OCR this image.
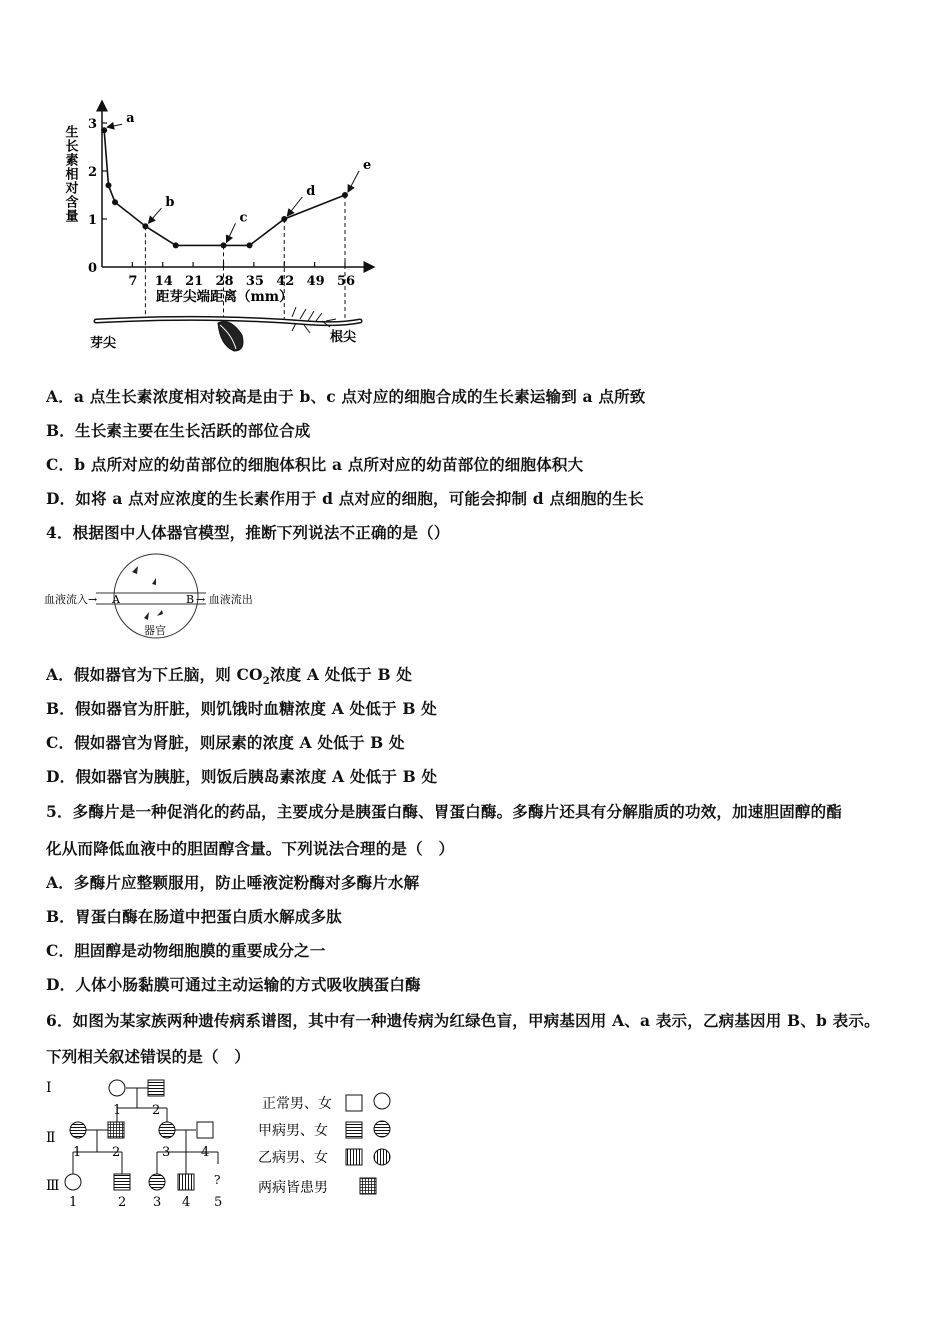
0
1
2
3
7 14 21 28 35 42 49 56
生长素相对含量
距芽尖端距离（mm）
a
b
c
d
e
芽尖	根尖
A．a 点生长素浓度相对较高是由于 b、c 点对应的细胞合成的生长素运输到 a 点所致
B．生长素主要在生长活跃的部位合成
C．b 点所对应的幼苗部位的细胞体积比 a 点所对应的幼苗部位的细胞体积大
D．如将 a 点对应浓度的生长素作用于 d 点对应的细胞，可能会抑制 d 点细胞的生长
4．根据图中人体器官模型，推断下列说法不正确的是（）
血液流入→ A	B → 血液流出
器官
A．假如器官为下丘脑，则 $CO_2$浓度 A 处低于 B 处
B．假如器官为肝脏，则饥饿时血糖浓度 A 处低于 B 处
C．假如器官为肾脏，则尿素的浓度 A 处低于 B 处
D．假如器官为胰脏，则饭后胰岛素浓度 A 处低于 B 处
5．多酶片是一种促消化的药品，主要成分是胰蛋白酶、胃蛋白酶。多酶片还具有分解脂质的功效，加速胆固醇的酯
化从而降低血液中的胆固醇含量。下列说法合理的是（　）
A．多酶片应整颗服用，防止唾液淀粉酶对多酶片水解
B．胃蛋白酶在肠道中把蛋白质水解成多肽
C．胆固醇是动物细胞膜的重要成分之一
D．人体小肠黏膜可通过主动运输的方式吸收胰蛋白酶
6．如图为某家族两种遗传病系谱图，其中有一种遗传病为红绿色盲，甲病基因用 A、a 表示，乙病基因用 B、b 表示。
下列相关叙述错误的是（　）
Ⅰ
Ⅱ
Ⅲ	?
1 2
1 2	3 4
1	2 3 4 5
正常男、女
甲病男、女
乙病男、女
两病皆患男
